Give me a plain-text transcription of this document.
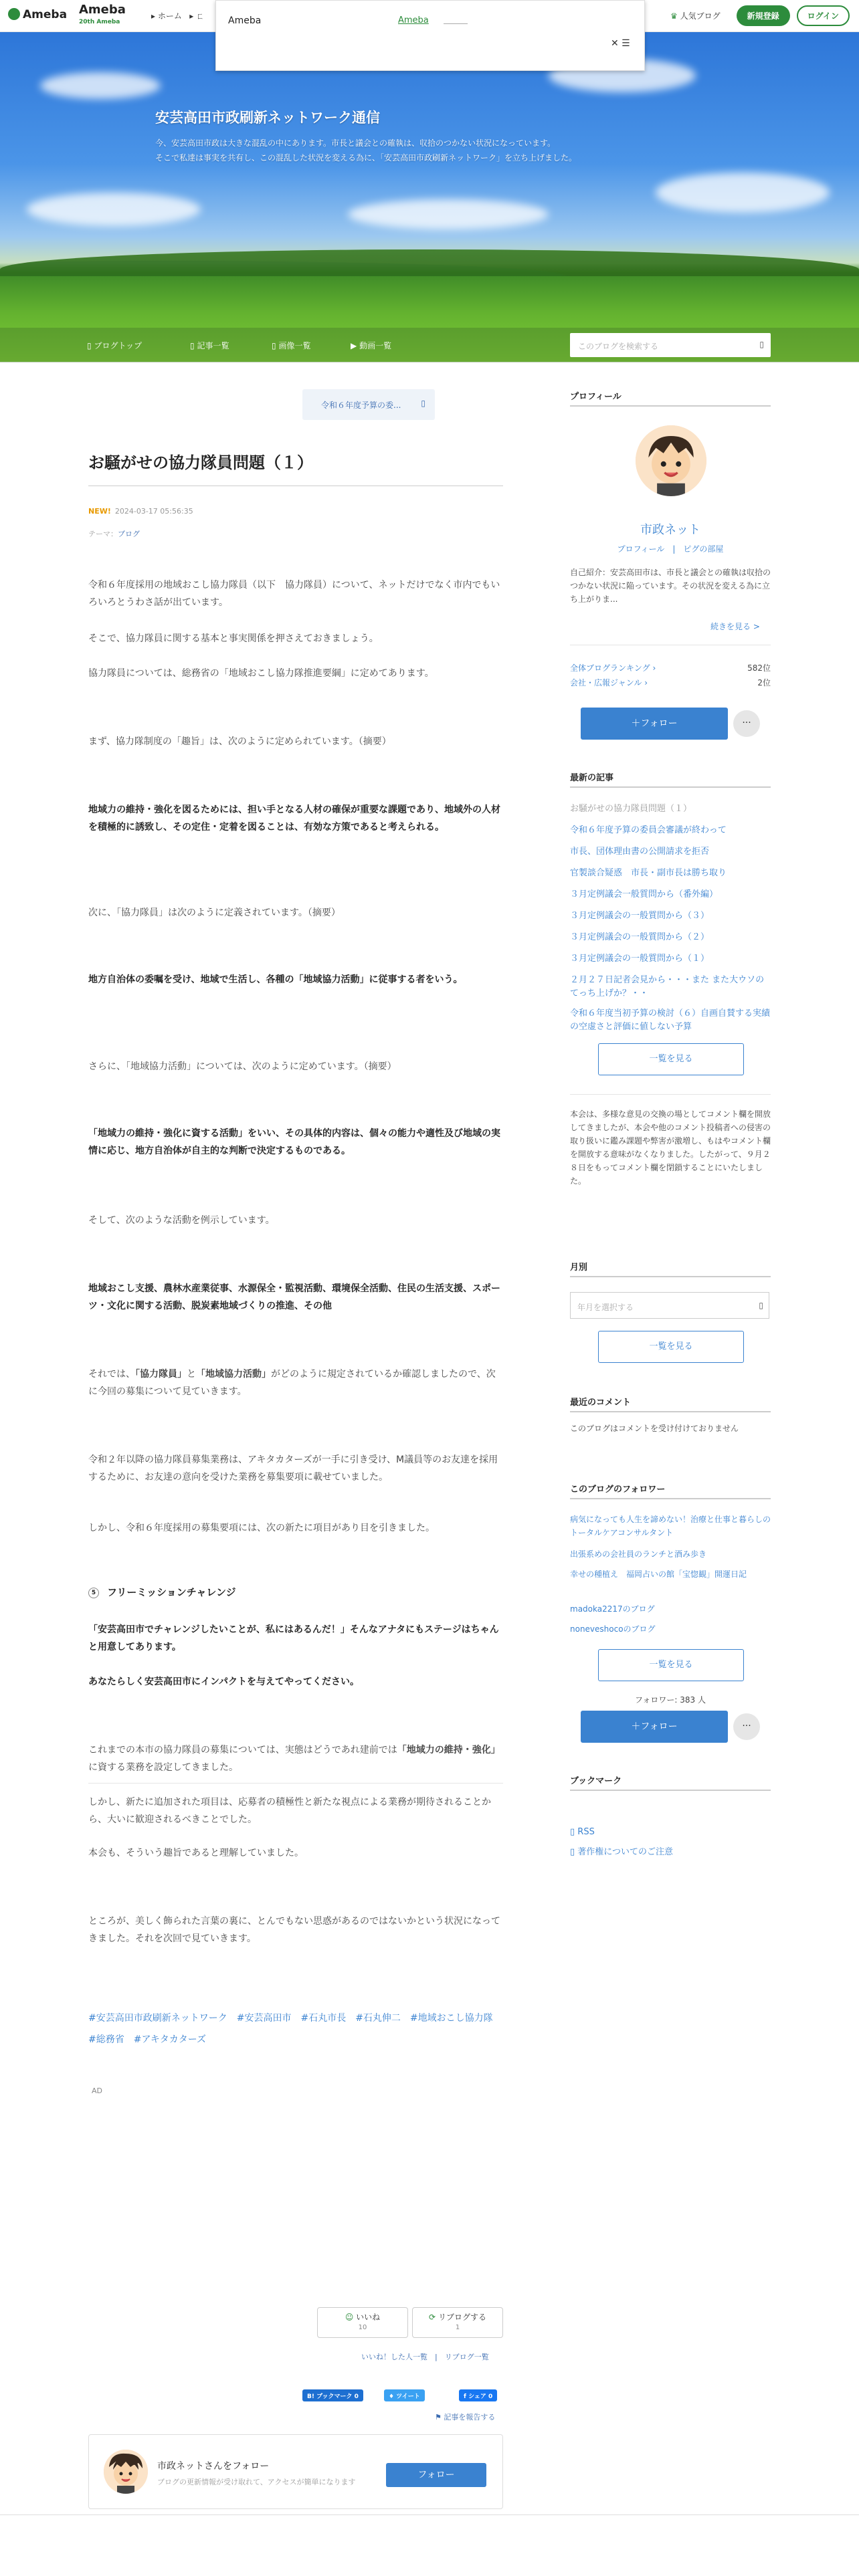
Ameba Ameba
20th Ameba
▸ ホーム ▸ ㄈ	♛ 人気ブログ	新規登録	ログイン
安芸高田市政刷新ネットワーク通信
今、安芸高田市政は大きな混乱の中にあります。市長と議会との確執は、収拾のつかない状況になっています。
そこで私達は事実を共有し、この混乱した状況を変える為に、「安芸高田市政刷新ネットワーク」を立ち上げました。
▯ ブログトップ	▯ 記事一覧	▯ 画像一覧	▶ 動画一覧	このブログを検索する	▯
Ameba	Ameba
✕ ☰
令和６年度予算の委... ▯
お騒がせの協力隊員問題（１）
NEW! 2024-03-17 05:56:35
テーマ：ブログ

令和６年度採用の地域おこし協力隊員（以下　協力隊員）について、ネットだけでなく市内でもいろいろとうわさ話が出ています。

そこで、協力隊員に関する基本と事実関係を押さえておきましょう。

協力隊員については、総務省の「地域おこし協力隊推進要綱」に定めてあります。

まず、協力隊制度の「趣旨」は、次のように定められています。（摘要）

地域力の維持・強化を図るためには、担い手となる人材の確保が重要な課題であり、地域外の人材を積極的に誘致し、その定住・定着を図ることは、有効な方策であると考えられる。

次に、「協力隊員」は次のように定義されています。（摘要）

地方自治体の委嘱を受け、地域で生活し、各種の「地域協力活動」に従事する者をいう。

さらに、「地域協力活動」については、次のように定めています。（摘要）

「地域力の維持・強化に資する活動」をいい、その具体的内容は、個々の能力や適性及び地域の実情に応じ、地方自治体が自主的な判断で決定するものである。

そして、次のような活動を例示しています。

地域おこし支援、農林水産業従事、水源保全・監視活動、環境保全活動、住民の生活支援、スポーツ・文化に関する活動、脱炭素地域づくりの推進、その他

それでは、「協力隊員」と「地域協力活動」がどのように規定されているか確認しましたので、次に今回の募集について見ていきます。

令和２年以降の協力隊員募集業務は、アキタカターズが一手に引き受け、M議員等のお友達を採用するために、お友達の意向を受けた業務を募集要項に載せていました。

しかし、令和６年度採用の募集要項には、次の新たに項目があり目を引きました。

5 フリーミッションチャレンジ

「安芸高田市でチャレンジしたいことが、私にはあるんだ！」そんなアナタにもステージはちゃんと用意してあります。

あなたらしく安芸高田市にインパクトを与えてやってください。

これまでの本市の協力隊員の募集については、実態はどうであれ建前では「地域力の維持・強化」に資する業務を設定してきました。

しかし、新たに追加された項目は、応募者の積極性と新たな視点による業務が期待されることから、大いに歓迎されるべきことでした。

本会も、そういう趣旨であると理解していました。

ところが、美しく飾られた言葉の裏に、とんでもない思惑があるのではないかという状況になってきました。それを次回で見ていきます。

#安芸高田市政刷新ネットワーク　#安芸高田市　#石丸市長　#石丸伸二　#地域おこし協力隊　#総務省　#アキタカターズ
AD
☺ いいね
10
⟳ リブログする
1
いいね！した人一覧　|　リブログ一覧
B! ブックマーク 0	♦ ツイート	f シェア 0
⚑ 記事を報告する
市政ネットさんをフォロー
ブログの更新情報が受け取れて、アクセスが簡単になります
フォロー
プロフィール
市政ネット
プロフィール　|　ピグの部屋
自己紹介：安芸高田市は、市長と議会との確執は収拾のつかない状況に陥っています。その状況を変える為に立ち上がりま...
続きを見る >
全体ブログランキング ›	582位
会社・広報ジャンル ›	2位
＋フォロー	···
最新の記事
お騒がせの協力隊員問題（１）
令和６年度予算の委員会審議が終わって
市長、団体理由書の公開請求を拒否
官製談合疑惑　市長・副市長は勝ち取り
３月定例議会一般質問から（番外編）
３月定例議会の一般質問から（３）
３月定例議会の一般質問から（２）
３月定例議会の一般質問から（１）
２月２７日記者会見から・・・また また大ウソのてっち上げか？・・
令和６年度当初予算の検討（６）自画自賛する実績の空虚さと評価に値しない予算
一覧を見る
本会は、多様な意見の交換の場としてコメント欄を開放してきましたが、本会や他のコメント投稿者への侵害の取り扱いに鑑み課題や弊害が激増し、もはやコメント欄を開放する意味がなくなりました。したがって、９月２８日をもってコメント欄を閉鎖することにいたしました。
月別
年月を選択する	▯
一覧を見る
最近のコメント
このブログはコメントを受け付けておりません
このブログのフォロワー
病気になっても人生を諦めない！治療と仕事と暮らしのトータルケアコンサルタント
出張系めの会社員のランチと酒み歩き
幸せの種植え　福岡占いの館「宝惚観」開運日記
madoka2217のブログ
noneveshocoのブログ
一覧を見る
フォロワー: 383 人
＋フォロー	···
ブックマーク
▯ RSS
▯ 著作権についてのご注意
